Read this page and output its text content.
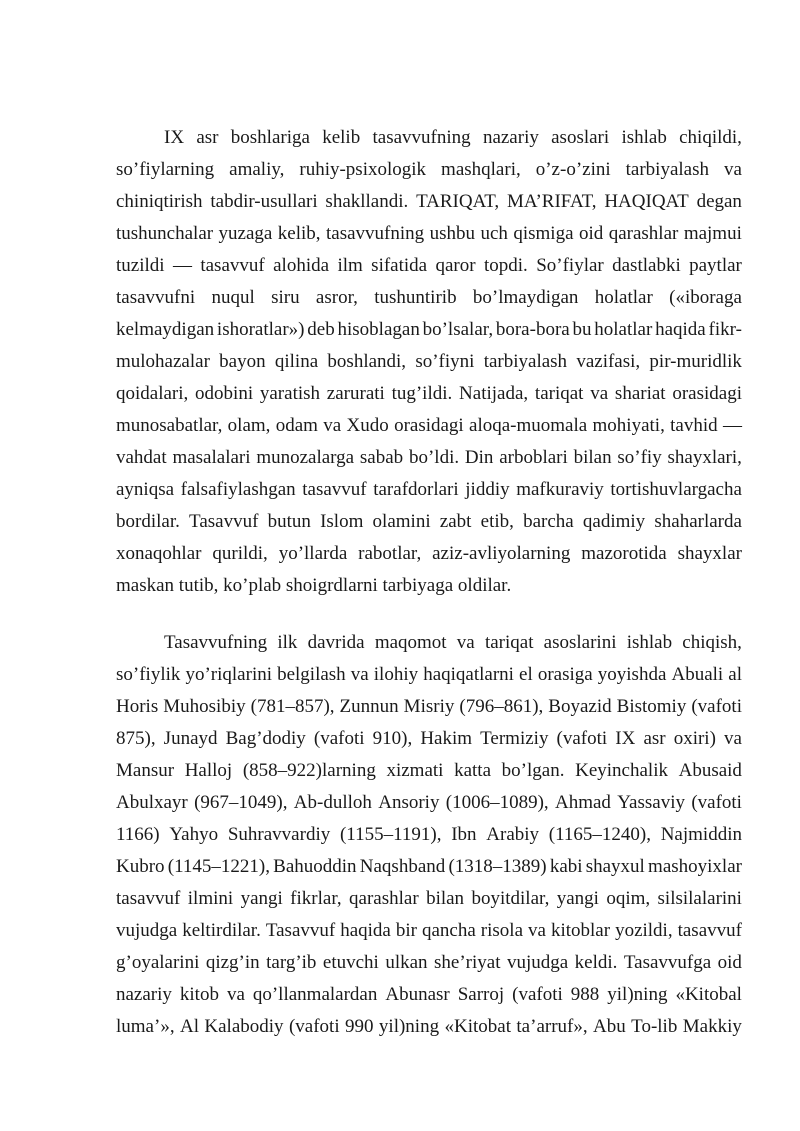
IX asr boshlariga kelib tasavvufning nazariy asoslari ishlab chiqildi,
so’fiylarning amaliy, ruhiy-psixologik mashqlari, o’z-o’zini tarbiyalash va
chiniqtirish tabdir-usullari shakllandi. TARIQAT, MA’RIFAT, HAQIQAT degan
tushunchalar yuzaga kelib, tasavvufning ushbu uch qismiga oid qarashlar majmui
tuzildi — tasavvuf alohida ilm sifatida qaror topdi. So’fiylar dastlabki paytlar
tasavvufni nuqul siru asror, tushuntirib bo’lmaydigan holatlar («iboraga
kelmaydigan ishoratlar») deb hisoblagan bo’lsalar, bora-bora bu holatlar haqida fikr-
mulohazalar bayon qilina boshlandi, so’fiyni tarbiyalash vazifasi, pir-muridlik
qoidalari, odobini yaratish zarurati tug’ildi. Natijada, tariqat va shariat orasidagi
munosabatlar, olam, odam va Xudo orasidagi aloqa-muomala mohiyati, tavhid —
vahdat masalalari munozalarga sabab bo’ldi. Din arboblari bilan so’fiy shayxlari,
ayniqsa falsafiylashgan tasavvuf tarafdorlari jiddiy mafkuraviy tortishuvlargacha
bordilar. Tasavvuf butun Islom olamini zabt etib, barcha qadimiy shaharlarda
xonaqohlar qurildi, yo’llarda rabotlar, aziz-avliyolarning mazorotida shayxlar
maskan tutib, ko’plab shoigrdlarni tarbiyaga oldilar.
Tasavvufning ilk davrida maqomot va tariqat asoslarini ishlab chiqish,
so’fiylik yo’riqlarini belgilash va ilohiy haqiqatlarni el orasiga yoyishda Abuali al
Horis Muhosibiy (781–857), Zunnun Misriy (796–861), Boyazid Bistomiy (vafoti
875), Junayd Bag’dodiy (vafoti 910), Hakim Termiziy (vafoti IX asr oxiri) va
Mansur Halloj (858–922)larning xizmati katta bo’lgan. Keyinchalik Abusaid
Abulxayr (967–1049), Ab-dulloh Ansoriy (1006–1089), Ahmad Yassaviy (vafoti
1166) Yahyo Suhravvardiy (1155–1191), Ibn Arabiy (1165–1240), Najmiddin
Kubro (1145–1221), Bahuoddin Naqshband (1318–1389) kabi shayxul mashoyixlar
tasavvuf ilmini yangi fikrlar, qarashlar bilan boyitdilar, yangi oqim, silsilalarini
vujudga keltirdilar. Tasavvuf haqida bir qancha risola va kitoblar yozildi, tasavvuf
g’oyalarini qizg’in targ’ib etuvchi ulkan she’riyat vujudga keldi. Tasavvufga oid
nazariy kitob va qo’llanmalardan Abunasr Sarroj (vafoti 988 yil)ning «Kitobal
luma’», Al Kalabodiy (vafoti 990 yil)ning «Kitobat ta’arruf», Abu To-lib Makkiy
